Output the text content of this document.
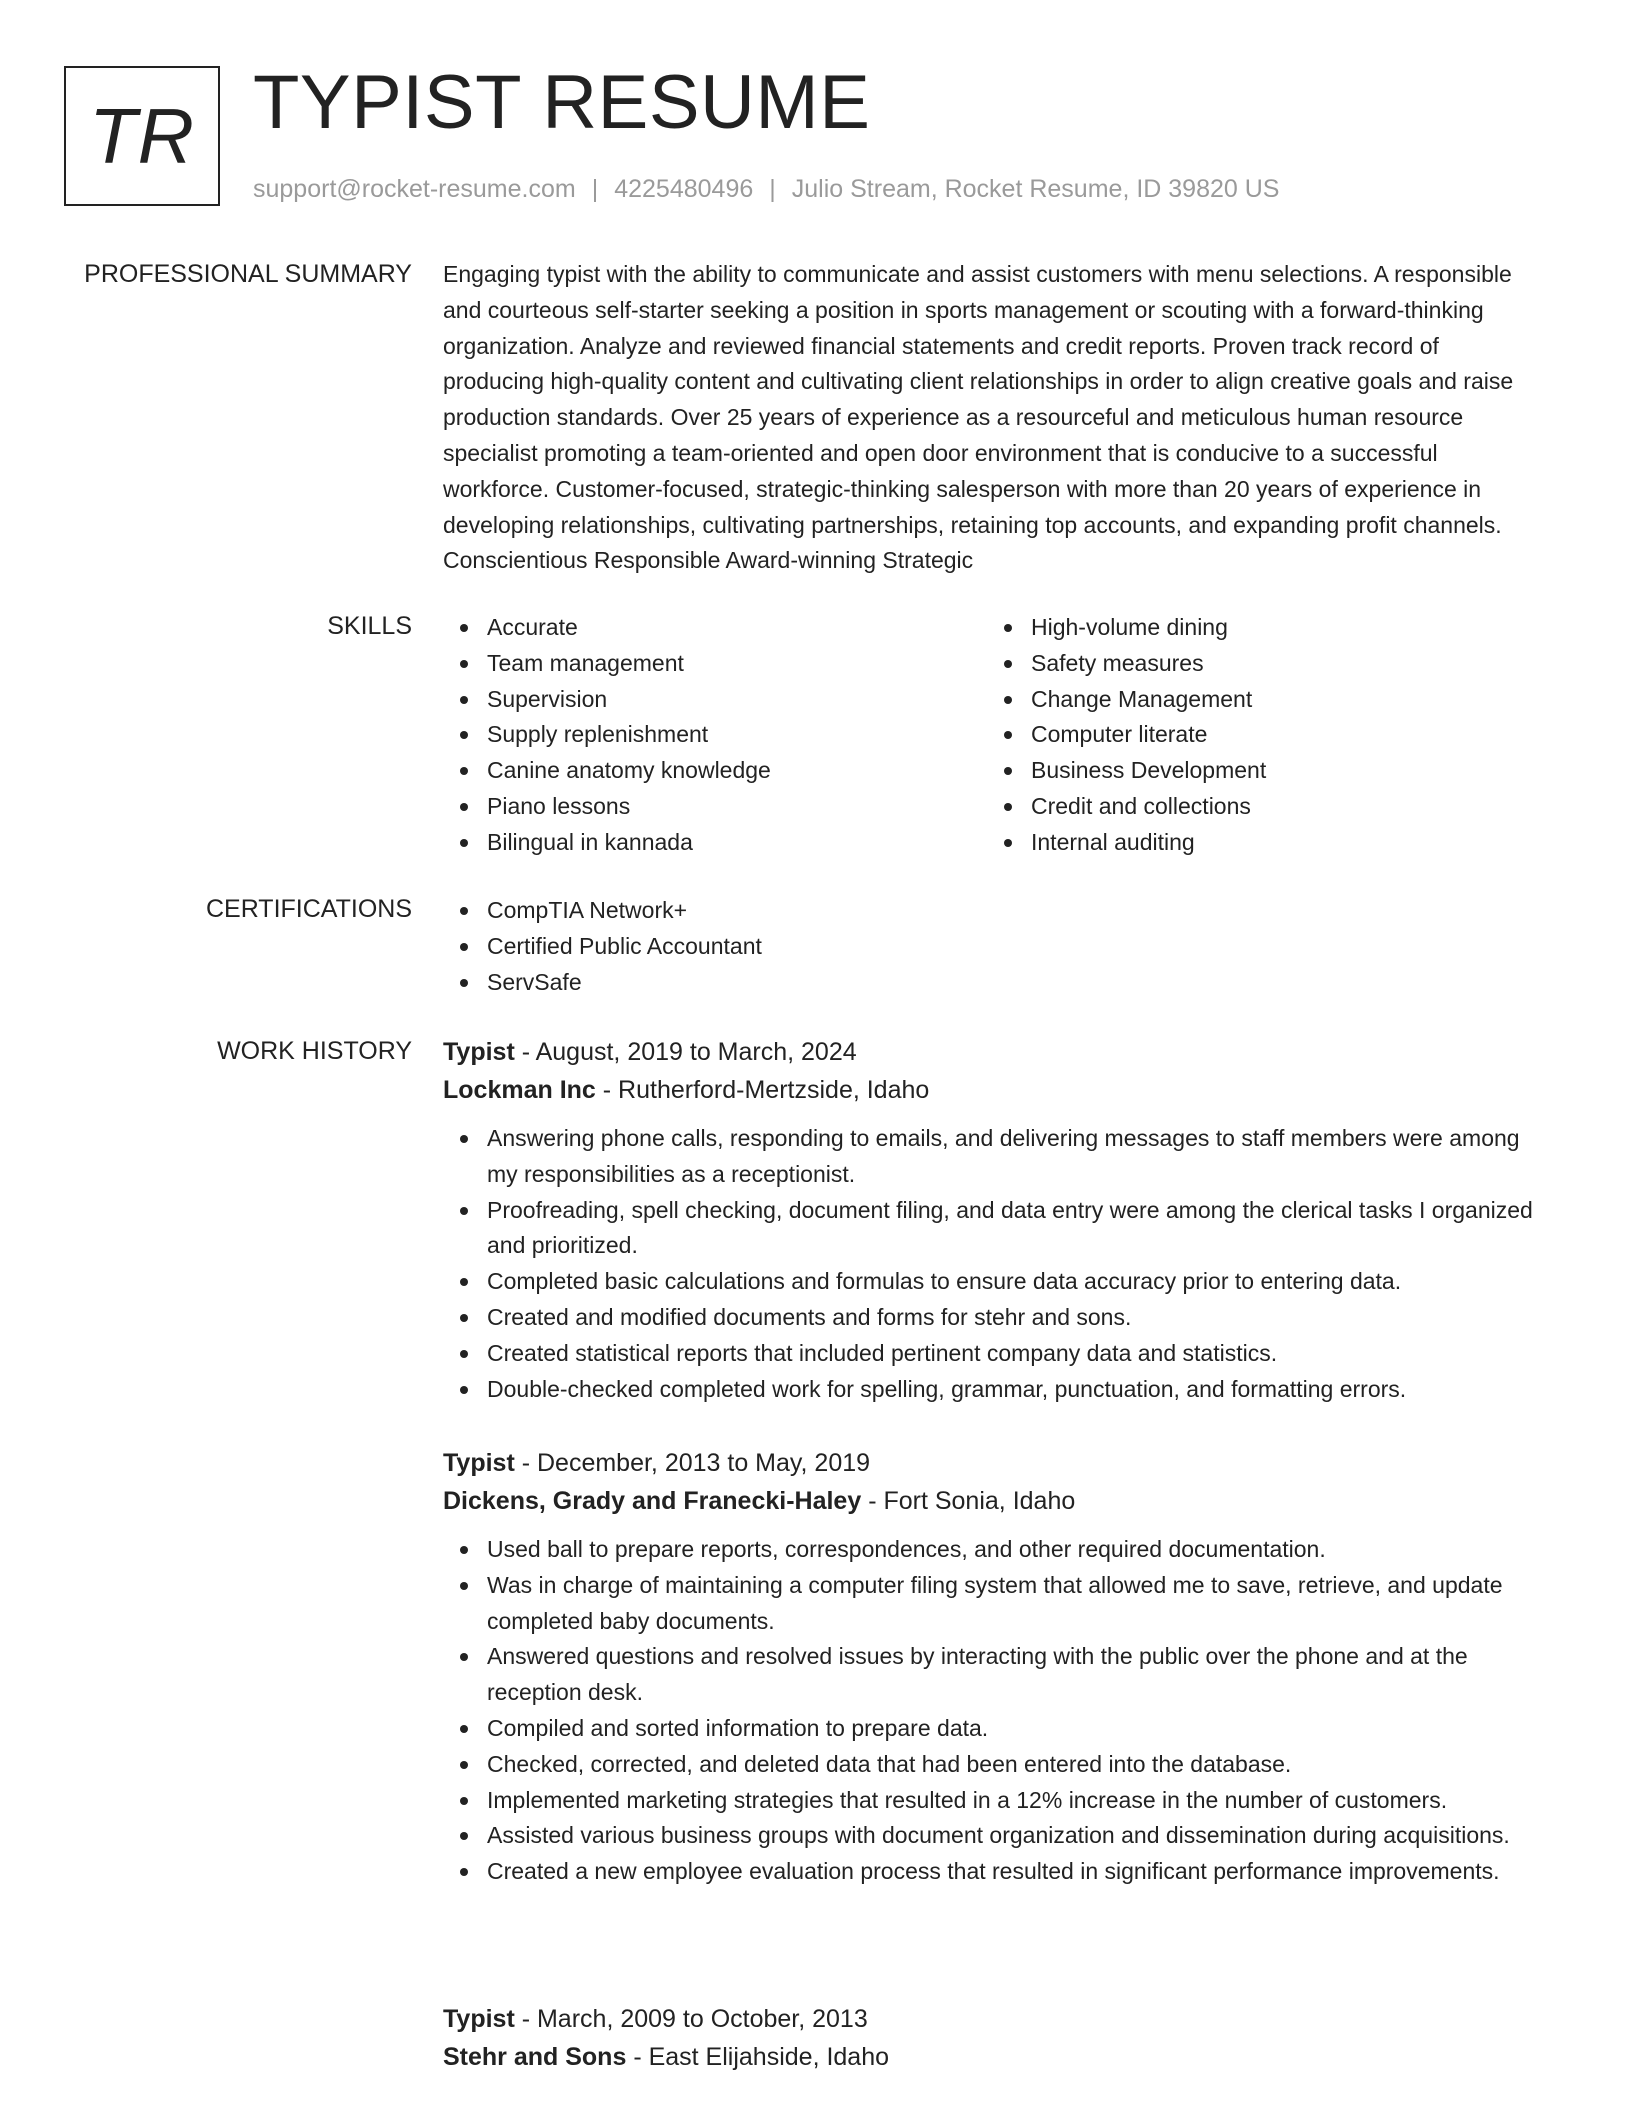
TR TYPIST RESUME
support@rocket-resume.com | 4225480496 | Julio Stream, Rocket Resume, ID 39820 US
PROFESSIONAL SUMMARY Engaging typist with the ability to communicate and assist customers with menu selections. A responsible and courteous self-starter seeking a position in sports management or scouting with a forward-thinking organization. Analyze and reviewed financial statements and credit reports. Proven track record of producing high-quality content and cultivating client relationships in order to align creative goals and raise production standards. Over 25 years of experience as a resourceful and meticulous human resource specialist promoting a team-oriented and open door environment that is conducive to a successful workforce. Customer-focused, strategic-thinking salesperson with more than 20 years of experience in developing relationships, cultivating partnerships, retaining top accounts, and expanding profit channels. Conscientious Responsible Award-winning Strategic
SKILLS	Accurate
Team management
Supervision
Supply replenishment
Canine anatomy knowledge
Piano lessons
Bilingual in kannada
High-volume dining
Safety measures
Change Management
Computer literate
Business Development
Credit and collections
Internal auditing
CERTIFICATIONS	CompTIA Network+
Certified Public Accountant
ServSafe
WORK HISTORY Typist - August, 2019 to March, 2024
Lockman Inc - Rutherford-Mertzside, Idaho
Answering phone calls, responding to emails, and delivering messages to staff members were among my responsibilities as a receptionist.
Proofreading, spell checking, document filing, and data entry were among the clerical tasks I organized and prioritized.
Completed basic calculations and formulas to ensure data accuracy prior to entering data.
Created and modified documents and forms for stehr and sons.
Created statistical reports that included pertinent company data and statistics.
Double-checked completed work for spelling, grammar, punctuation, and formatting errors.
Typist - December, 2013 to May, 2019
Dickens, Grady and Franecki-Haley - Fort Sonia, Idaho
Used ball to prepare reports, correspondences, and other required documentation.
Was in charge of maintaining a computer filing system that allowed me to save, retrieve, and update completed baby documents.
Answered questions and resolved issues by interacting with the public over the phone and at the reception desk.
Compiled and sorted information to prepare data.
Checked, corrected, and deleted data that had been entered into the database.
Implemented marketing strategies that resulted in a 12% increase in the number of customers.
Assisted various business groups with document organization and dissemination during acquisitions.
Created a new employee evaluation process that resulted in significant performance improvements.
Typist - March, 2009 to October, 2013
Stehr and Sons - East Elijahside, Idaho
